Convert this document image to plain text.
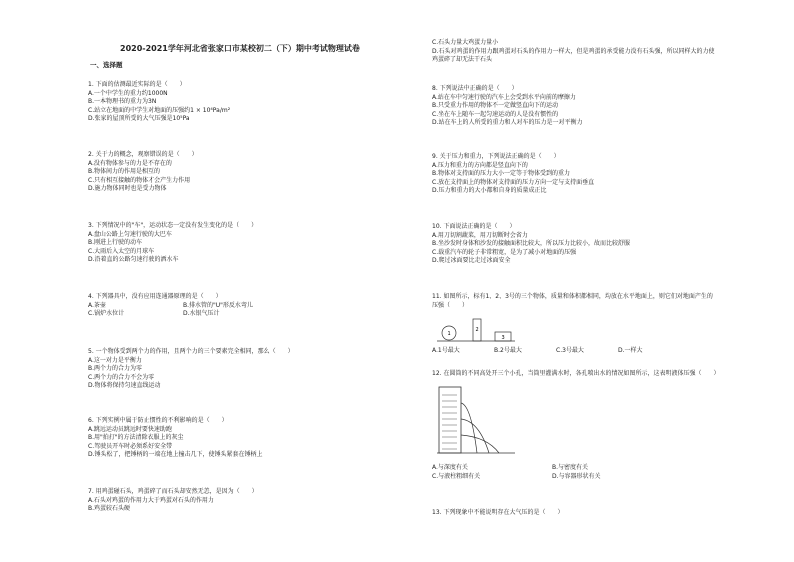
2020-2021学年河北省张家口市某校初二（下）期中考试物理试卷
一、选择题
1. 下面的估测最近实际的是（　　）
A.一个中学生的重力约1000N
B.一本物理书的重力为3N
C.站立在地面的中学生对地面的压强约1 × 10⁴Pa/m²
D.张家的屋顶所受的大气压强是10⁵Pa
2. 关于力的概念，观察错误的是（　　）
A.没有物体参与的力是不存在的
B.物体间力的作用是相互的
C.只有相互接触的物体才会产生力作用
D.施力物体同时也是受力物体
3. 下列情况中的"车"，运动状态一定没有发生变化的是（　　）
A.盘山公路上匀速行驶的大巴车
B.刚进上行驶的动车
C.大雨后入太空的月球车
D.沿着直的公路匀速行驶的洒水车
4. 下列器具中，没有应用连通器原理的是（　　）
A.茶壶	B.排水管的"U"形反水弯儿
C.锅炉水位计	D.水银气压计
5. 一个物体受到两个力的作用，且两个力的三个要素完全相同，那么（　　）
A.这一对力是平衡力
B.两个力的合力为零
C.两个力的合力不会为零
D.物体将保持匀速直线运动
6. 下列实例中属于防止惯性的不利影响的是（　　）
A.跳远运动员跳远时要快速助跑
B.用"拍打"的方法清除衣服上的灰尘
C.驾驶员开车时必须系好安全带
D.锤头松了，把锤柄的一端在地上撞击几下，使锤头紧套在锤柄上
7. 用鸡蛋碰石头，鸡蛋碎了而石头却安然无恙，是因为（　　）
A.石头对鸡蛋的作用力大于鸡蛋对石头的作用力
B.鸡蛋较石头硬
C.石头力量大鸡蛋力量小
D.石头对鸡蛋的作用力跟鸡蛋对石头的作用力一样大，但是鸡蛋的承受能力没有石头强，所以同样大的力使
鸡蛋碎了却无法干石头
8. 下列说法中正确的是（　　）
A.站在车中匀速行驶的汽车上会受到水平向前的摩擦力
B.只受重力作用的物体不一定做竖直向下的运动
C.坐在车上随车一起匀速运动的人是没有惯性的
D.站在车上的人所受的重力和人对车的压力是一对平衡力
9. 关于压力和重力，下列说法正确的是（　　）
A.压力和重力的方向都是竖直向下的
B.物体对支持面的压力大小一定等于物体受到的重力
C.放在支持面上的物体对支持面的压力方向一定与支持面垂直
D.压力和重力的大小都和自身的质量成正比
10. 下面说法正确的是（　　）
A.用刀切割蔬菜，用刀切断时会省力
B.坐沙发时身体和沙发的接触面积比较大，所以压力比较小，故而比较舒服
C.载重汽车的轮子非常粗宽，是为了减小对地面的压强
D.爬过冰面要比走过冰面安全
11. 如图所示，标有1、2、3号的三个物体，质量和体积都相同，均放在水平地面上，则它们对地面产生的
压强（　　）
1
2
3
A.1号最大	B.2号最大	C.3号最大	D.一样大
12. 在圆筒的不同高处开三个小孔，当筒里灌满水时，各孔喷出水的情况如图所示，这表明液体压强（　　）
A.与深度有关	B.与密度有关
C.与液柱粗细有关	D.与容器形状有关
13. 下列现象中不能说明存在大气压的是（　　）
